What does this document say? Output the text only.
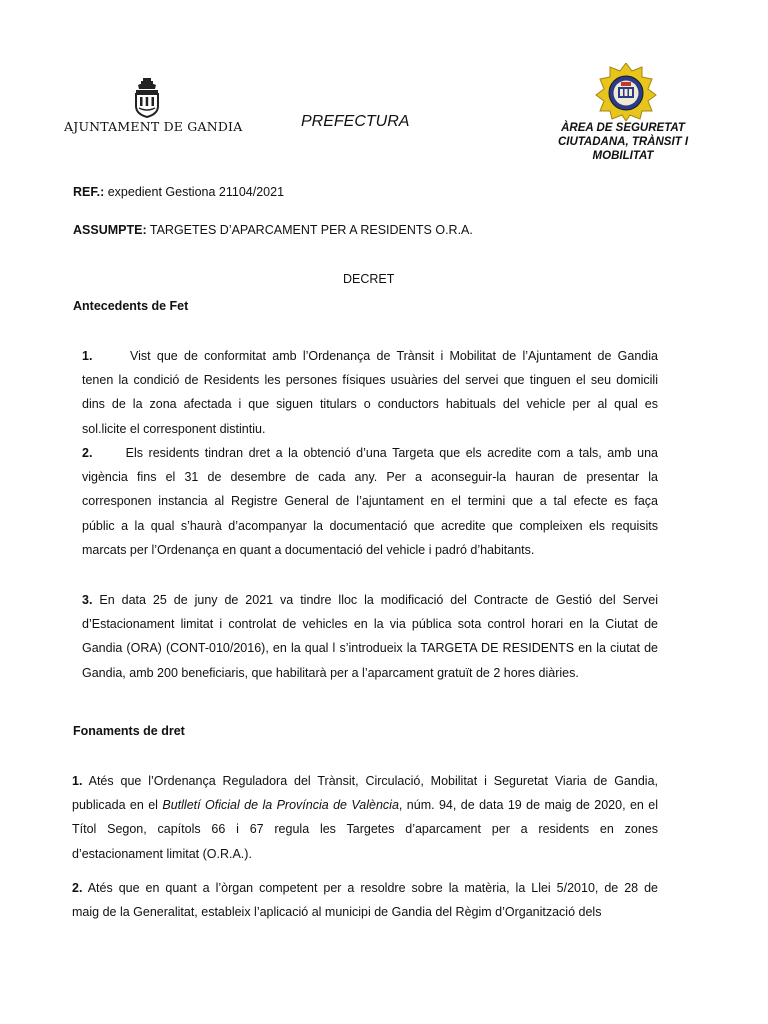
AJUNTAMENT DE GANDIA	PREFECTURA	ÀREA DE SEGURETAT
CIUTADANA, TRÀNSIT I
MOBILITAT
REF.: expedient Gestiona 21104/2021
ASSUMPTE: TARGETES D’APARCAMENT PER A RESIDENTS O.R.A.
DECRET
Antecedents de Fet
1.	Vist que de conformitat amb l’Ordenança de Trànsit i Mobilitat de l’Ajuntament de Gandia
tenen la condició de Residents les persones físiques usuàries del servei que tinguen el seu domicili
dins de la zona afectada i que siguen titulars o conductors habituals del vehicle per al qual es
sol.licite el corresponent distintiu.
2.	Els residents tindran dret a la obtenció d’una Targeta que els acredite com a tals, amb una
vigència fins el 31 de desembre de cada any. Per a aconseguir-la hauran de presentar la
corresponen instancia al Registre General de l’ajuntament en el termini que a tal efecte es faça
públic a la qual s’haurà d’acompanyar la documentació que acredite que compleixen els requisits
marcats per l’Ordenança en quant a documentació del vehicle i padró d’habitants.
3. En data 25 de juny de 2021 va tindre lloc la modificació del Contracte de Gestió del Servei
d’Estacionament limitat i controlat de vehicles en la via pública sota control horari en la Ciutat de
Gandia (ORA) (CONT-010/2016), en la qual l s’introdueix la TARGETA DE RESIDENTS en la ciutat de
Gandia, amb 200 beneficiaris, que habilitarà per a l’aparcament gratuït de 2 hores diàries.
Fonaments de dret
1. Atés que l’Ordenança Reguladora del Trànsit, Circulació, Mobilitat i Seguretat Viaria de Gandia,
publicada en el Butlletí Oficial de la Província de València, núm. 94, de data 19 de maig de 2020, en el
Títol Segon, capítols 66 i 67 regula les Targetes d’aparcament per a residents en zones
d’estacionament limitat (O.R.A.).
2. Atés que en quant a l’òrgan competent per a resoldre sobre la matèria, la Llei 5/2010, de 28 de
maig de la Generalitat, estableix l’aplicació al municipi de Gandia del Règim d’Organització dels
